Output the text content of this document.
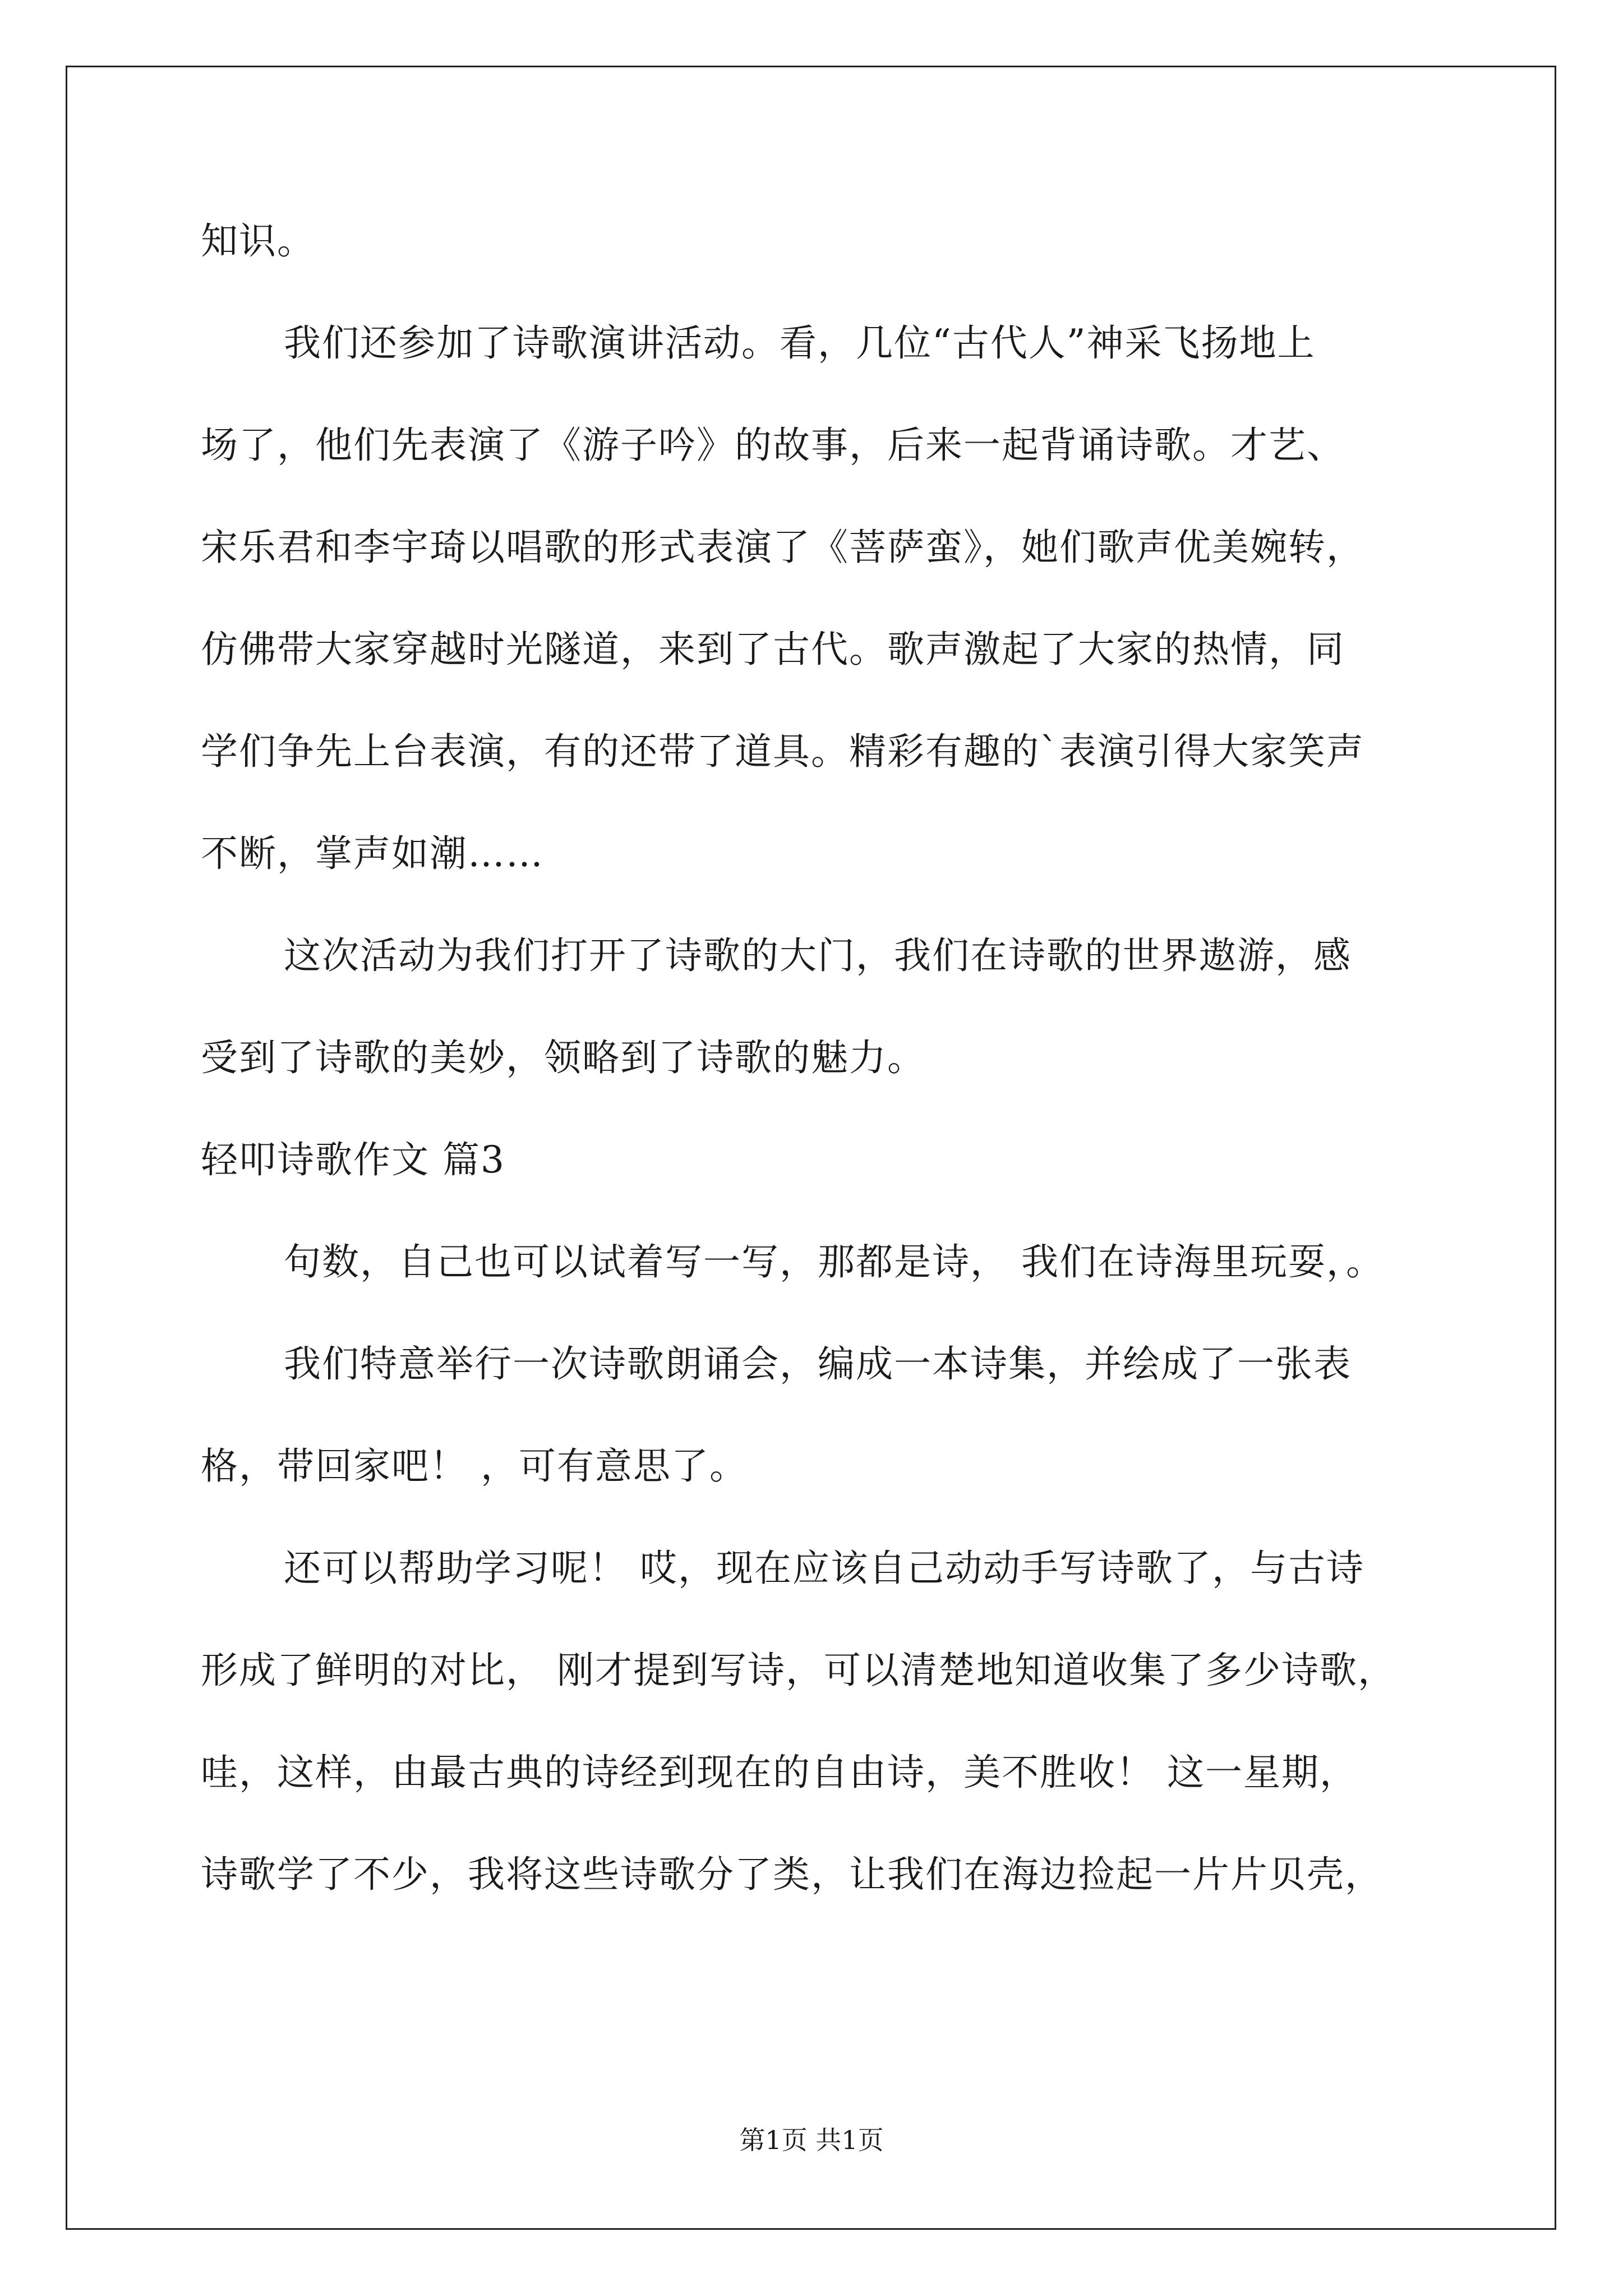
知识。
我们还参加了诗歌演讲活动。看，几位“古代人”神采飞扬地上
场了，他们先表演了《游子吟》的故事，后来一起背诵诗歌。才艺、
宋乐君和李宇琦以唱歌的形式表演了《菩萨蛮》，她们歌声优美婉转，
仿佛带大家穿越时光隧道，来到了古代。歌声激起了大家的热情，同
学们争先上台表演，有的还带了道具。精彩有趣的`表演引得大家笑声
不断，掌声如潮……
这次活动为我们打开了诗歌的大门，我们在诗歌的世界遨游，感
受到了诗歌的美妙，领略到了诗歌的魅力。
轻叩诗歌作文 篇3
句数，自己也可以试着写一写，那都是诗， 我们在诗海里玩耍，。
我们特意举行一次诗歌朗诵会，编成一本诗集，并绘成了一张表
格，带回家吧！ ，可有意思了。
还可以帮助学习呢！ 哎，现在应该自己动动手写诗歌了，与古诗
形成了鲜明的对比， 刚才提到写诗，可以清楚地知道收集了多少诗歌，
哇，这样，由最古典的诗经到现在的自由诗，美不胜收！ 这一星期，
诗歌学了不少，我将这些诗歌分了类，让我们在海边捡起一片片贝壳，
第1页 共1页
